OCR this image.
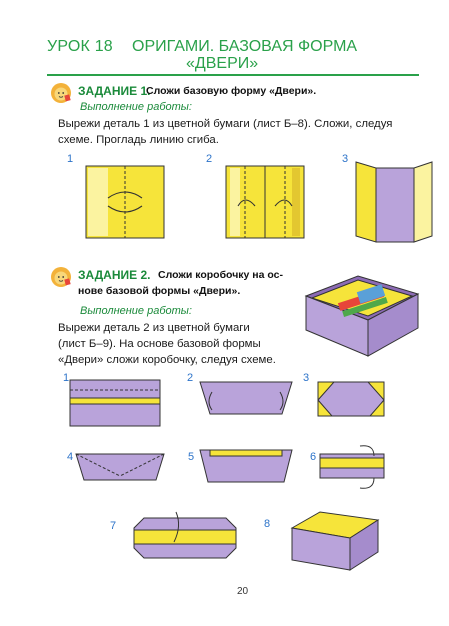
УРОК 18 ОРИГАМИ. БАЗОВАЯ ФОРМА
«ДВЕРИ»
ЗАДАНИЕ 1.
Сложи базовую форму «Двери».
Выполнение работы:
Вырежи деталь 1 из цветной бумаги (лист Б–8). Сложи, следуя
схеме. Прогладь линию сгиба.
1	2	3
ЗАДАНИЕ 2. Сложи коробочку на ос-
нове базовой формы «Двери».
Выполнение работы:
Вырежи деталь 2 из цветной бумаги
(лист Б–9). На основе базовой формы
«Двери» сложи коробочку, следуя схеме.
1	2	3
4	5	6
7	8
20
